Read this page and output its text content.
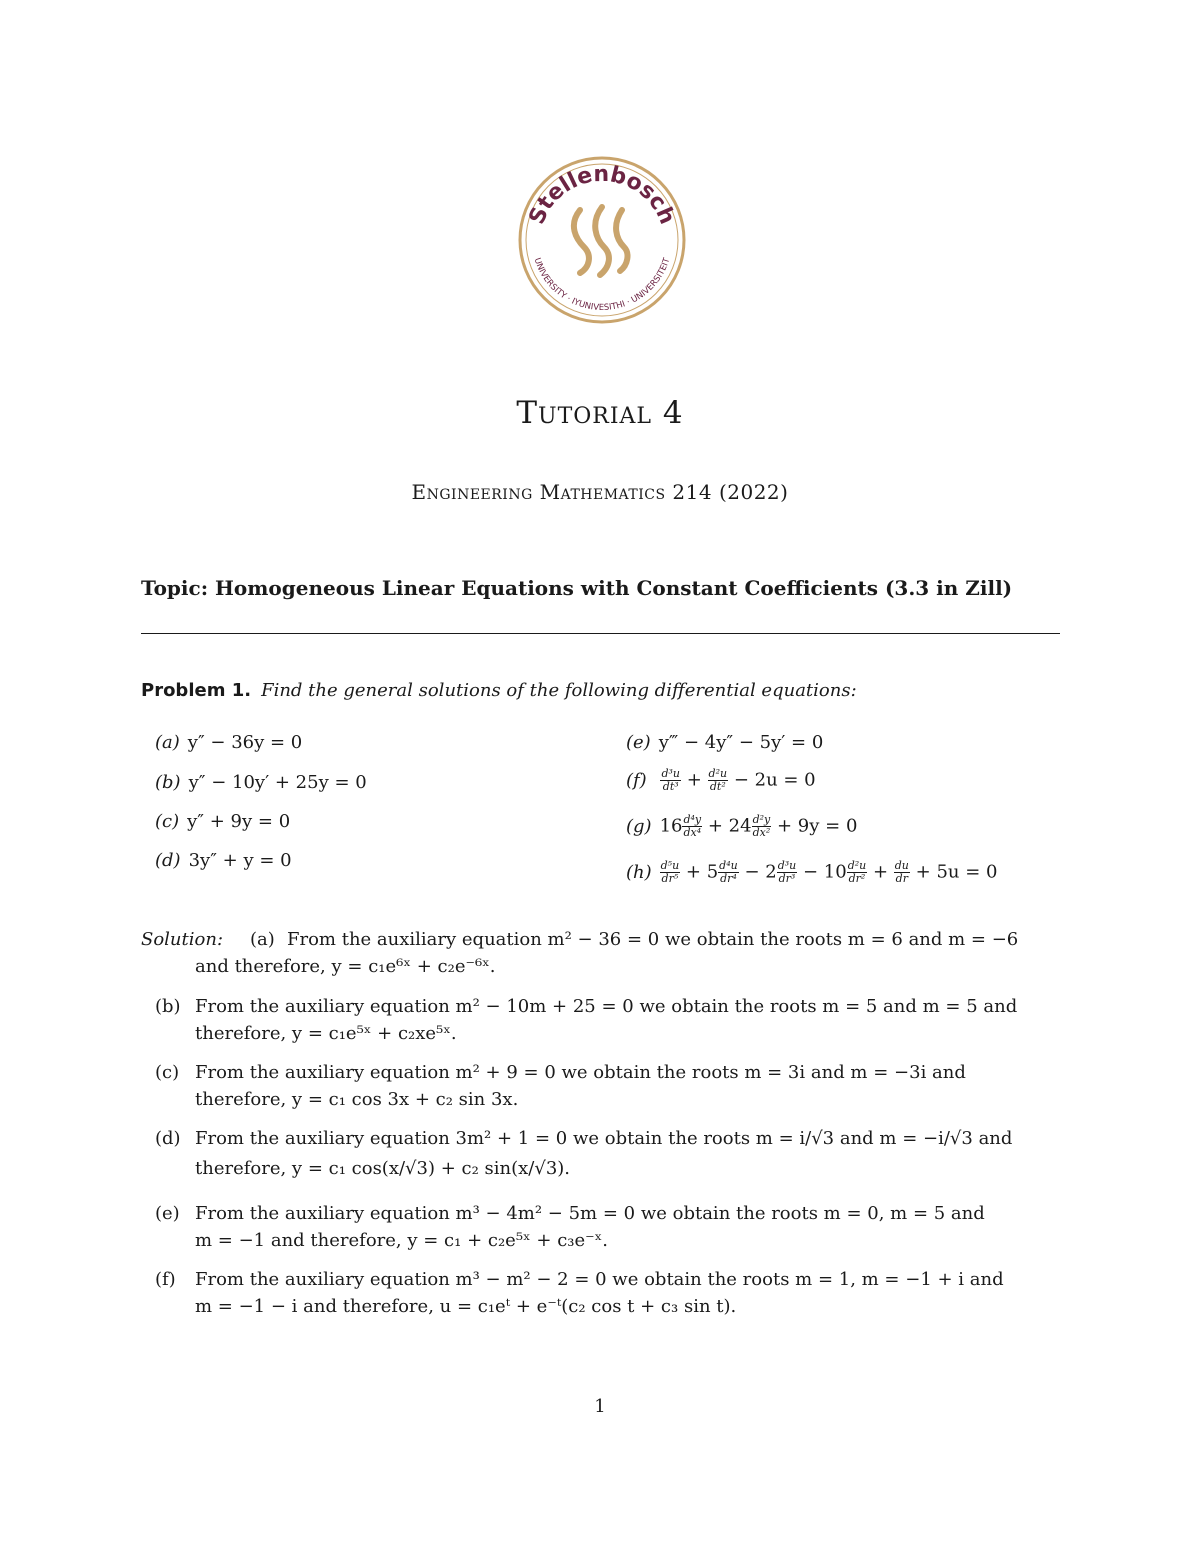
Stellenbosch
UNIVERSITY · IYUNIVESITHI · UNIVERSITEIT
Tutorial 4
Engineering Mathematics 214 (2022)
Topic: Homogeneous Linear Equations with Constant Coefficients (3.3 in Zill)
Problem 1. Find the general solutions of the following differential equations:
(a) y″ − 36y = 0
(b) y″ − 10y′ + 25y = 0
(c) y″ + 9y = 0
(d) 3y″ + y = 0
(e) y‴ − 4y″ − 5y′ = 0
$(f) \frac{\text{d³u}}{\text{dt³}} + \frac{\text{d²u}}{\text{dt²}} - 2u = 0$
(g) $16 \frac{\text{d⁴y}}{\text{dx⁴}} + 24 \frac{\text{d²y}}{\text{dx²}} + 9y = 0$
$(h) \frac{\text{d⁵u}}{\text{dr⁵}} + 5 \frac{\text{d⁴u}}{\text{dr⁴}} - 2 \frac{\text{d³u}}{\text{dr³}} - 10 \frac{\text{d²u}}{\text{dr²}} + \frac{du}{dr} + 5u = 0$
Solution: (a) From the auxiliary equation m² − 36 = 0 we obtain the roots m = 6 and m = −6
and therefore, y = c₁e⁶ˣ + c₂e⁻⁶ˣ.
(b) From the auxiliary equation m² − 10m + 25 = 0 we obtain the roots m = 5 and m = 5 and
therefore, y = c₁e⁵ˣ + c₂xe⁵ˣ.
(c) From the auxiliary equation m² + 9 = 0 we obtain the roots m = 3i and m = −3i and
therefore, y = c₁ cos 3x + c₂ sin 3x.
(d) From the auxiliary equation 3m² + 1 = 0 we obtain the roots m = i/√3 and m = −i/√3 and
therefore, y = c₁ cos(x/√3) + c₂ sin(x/√3).
(e) From the auxiliary equation m³ − 4m² − 5m = 0 we obtain the roots m = 0, m = 5 and
m = −1 and therefore, y = c₁ + c₂e⁵ˣ + c₃e⁻ˣ.
(f) From the auxiliary equation m³ − m² − 2 = 0 we obtain the roots m = 1, m = −1 + i and
m = −1 − i and therefore, u = c₁eᵗ + e⁻ᵗ(c₂ cos t + c₃ sin t).
1
